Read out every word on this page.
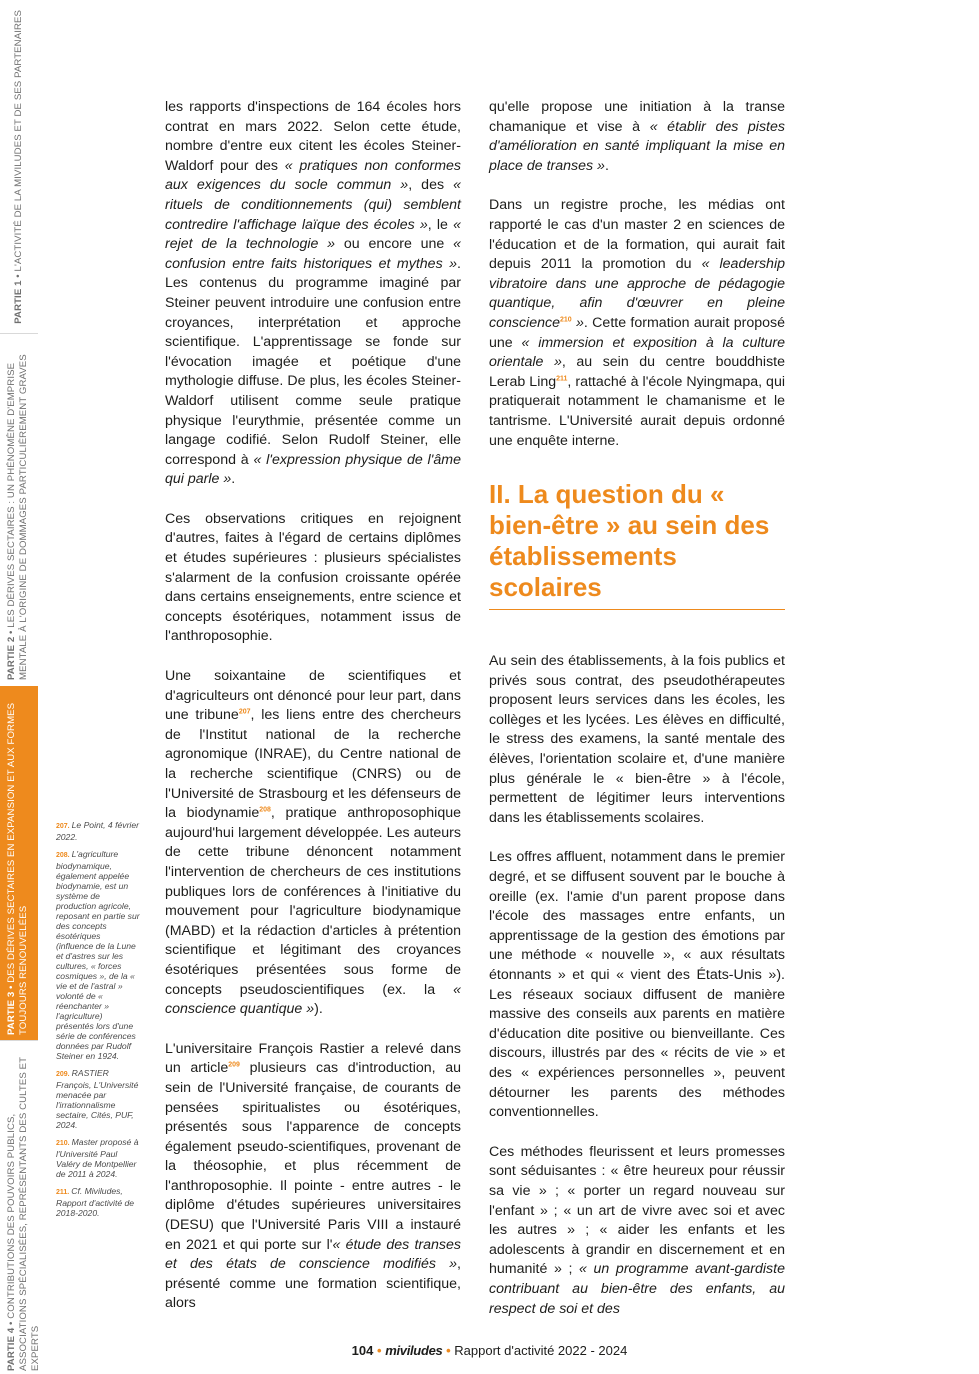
PARTIE 1 • L'ACTIVITÉ DE LA MIVILUDES ET DE SES PARTENAIRES
PARTIE 2 • LES DÉRIVES SECTAIRES : UN PHÉNOMÈNE D'EMPRISE MENTALE À L'ORIGINE DE DOMMAGES PARTICULIÈREMENT GRAVES
PARTIE 3 • DES DÉRIVES SECTAIRES EN EXPANSION ET AUX FORMES TOUJOURS RENOUVELÉES
PARTIE 4 • CONTRIBUTIONS DES POUVOIRS PUBLICS, ASSOCIATIONS SPÉCIALISÉES, REPRÉSENTANTS DES CULTES ET EXPERTS
207. Le Point, 4 février 2022.
208. L'agriculture biodynamique, également appelée biodynamie, est un système de production agricole, reposant en partie sur des concepts ésotériques (influence de la Lune et d'astres sur les cultures, « forces cosmiques », de la « vie et de l'astral » volonté de « réenchanter » l'agriculture) présentés lors d'une série de conférences données par Rudolf Steiner en 1924.
209. RASTIER François, L'Université menacée par l'irrationnalisme sectaire, Cités, PUF, 2024.
210. Master proposé à l'Université Paul Valéry de Montpellier de 2011 à 2024.
211. Cf. Miviludes, Rapport d'activité de 2018-2020.

les rapports d'inspections de 164 écoles hors contrat en mars 2022. Selon cette étude, nombre d'entre eux citent les écoles Steiner-Waldorf pour des « pratiques non conformes aux exigences du socle commun », des « rituels de conditionnements (qui) semblent contredire l'affichage laïque des écoles », le « rejet de la technologie » ou encore une « confusion entre faits historiques et mythes ». Les contenus du programme imaginé par Steiner peuvent introduire une confusion entre croyances, interprétation et approche scientifique. L'apprentissage se fonde sur l'évocation imagée et poétique d'une mythologie diffuse. De plus, les écoles Steiner-Waldorf utilisent comme seule pratique physique l'eurythmie, présentée comme un langage codifié. Selon Rudolf Steiner, elle correspond à « l'expression physique de l'âme qui parle ».

Ces observations critiques en rejoignent d'autres, faites à l'égard de certains diplômes et études supérieures : plusieurs spécialistes s'alarment de la confusion croissante opérée dans certains enseignements, entre science et concepts ésotériques, notamment issus de l'anthroposophie.

Une soixantaine de scientifiques et d'agriculteurs ont dénoncé pour leur part, dans une tribune$^{207}$, les liens entre des chercheurs de l'Institut national de la recherche agronomique (INRAE), du Centre national de la recherche scientifique (CNRS) ou de l'Université de Strasbourg et les défenseurs de la biodynamie$^{208}$, pratique anthroposophique aujourd'hui largement développée. Les auteurs de cette tribune dénoncent notamment l'intervention de chercheurs de ces institutions publiques lors de conférences à l'initiative du mouvement pour l'agriculture biodynamique (MABD) et la rédaction d'articles à prétention scientifique et légitimant des croyances ésotériques présentées sous forme de concepts pseudoscientifiques (ex. la « conscience quantique »).

L'universitaire François Rastier a relevé dans un article$^{209}$ plusieurs cas d'introduction, au sein de l'Université française, de courants de pensées spiritualistes ou ésotériques, présentés sous l'apparence de concepts également pseudo-scientifiques, provenant de la théosophie, et plus récemment de l'anthroposophie. Il pointe - entre autres - le diplôme d'études supérieures universitaires (DESU) que l'Université Paris VIII a instauré en 2021 et qui porte sur l'« étude des transes et des états de conscience modifiés », présenté comme une formation scientifique, alors

qu'elle propose une initiation à la transe chamanique et vise à « établir des pistes d'amélioration en santé impliquant la mise en place de transes ».

Dans un registre proche, les médias ont rapporté le cas d'un master 2 en sciences de l'éducation et de la formation, qui aurait fait depuis 2011 la promotion du « leadership vibratoire dans une approche de pédagogie quantique, afin d'œuvrer en pleine conscience$^{210}$ ». Cette formation aurait proposé une « immersion et exposition à la culture orientale », au sein du centre bouddhiste Lerab Ling$^{211}$, rattaché à l'école Nyingmapa, qui pratiquerait notamment le chamanisme et le tantrisme. L'Université aurait depuis ordonné une enquête interne.

II. La question du « bien-être » au sein des établissements scolaires

Au sein des établissements, à la fois publics et privés sous contrat, des pseudothérapeutes proposent leurs services dans les écoles, les collèges et les lycées. Les élèves en difficulté, le stress des examens, la santé mentale des élèves, l'orientation scolaire et, d'une manière plus générale le « bien-être » à l'école, permettent de légitimer leurs interventions dans les établissements scolaires.

Les offres affluent, notamment dans le premier degré, et se diffusent souvent par le bouche à oreille (ex. l'amie d'un parent propose dans l'école des massages entre enfants, un apprentissage de la gestion des émotions par une méthode « nouvelle », « aux résultats étonnants » et qui « vient des États-Unis »). Les réseaux sociaux diffusent de manière massive des conseils aux parents en matière d'éducation dite positive ou bienveillante. Ces discours, illustrés par des « récits de vie » et des « expériences personnelles », peuvent détourner les parents des méthodes conventionnelles.

Ces méthodes fleurissent et leurs promesses sont séduisantes : « être heureux pour réussir sa vie » ; « porter un regard nouveau sur l'enfant » ; « un art de vivre avec soi et avec les autres » ; « aider les enfants et les adolescents à grandir en discernement et en humanité » ; « un programme avant-gardiste contribuant au bien-être des enfants, au respect de soi et des

104 • miviludes • Rapport d'activité 2022 - 2024
